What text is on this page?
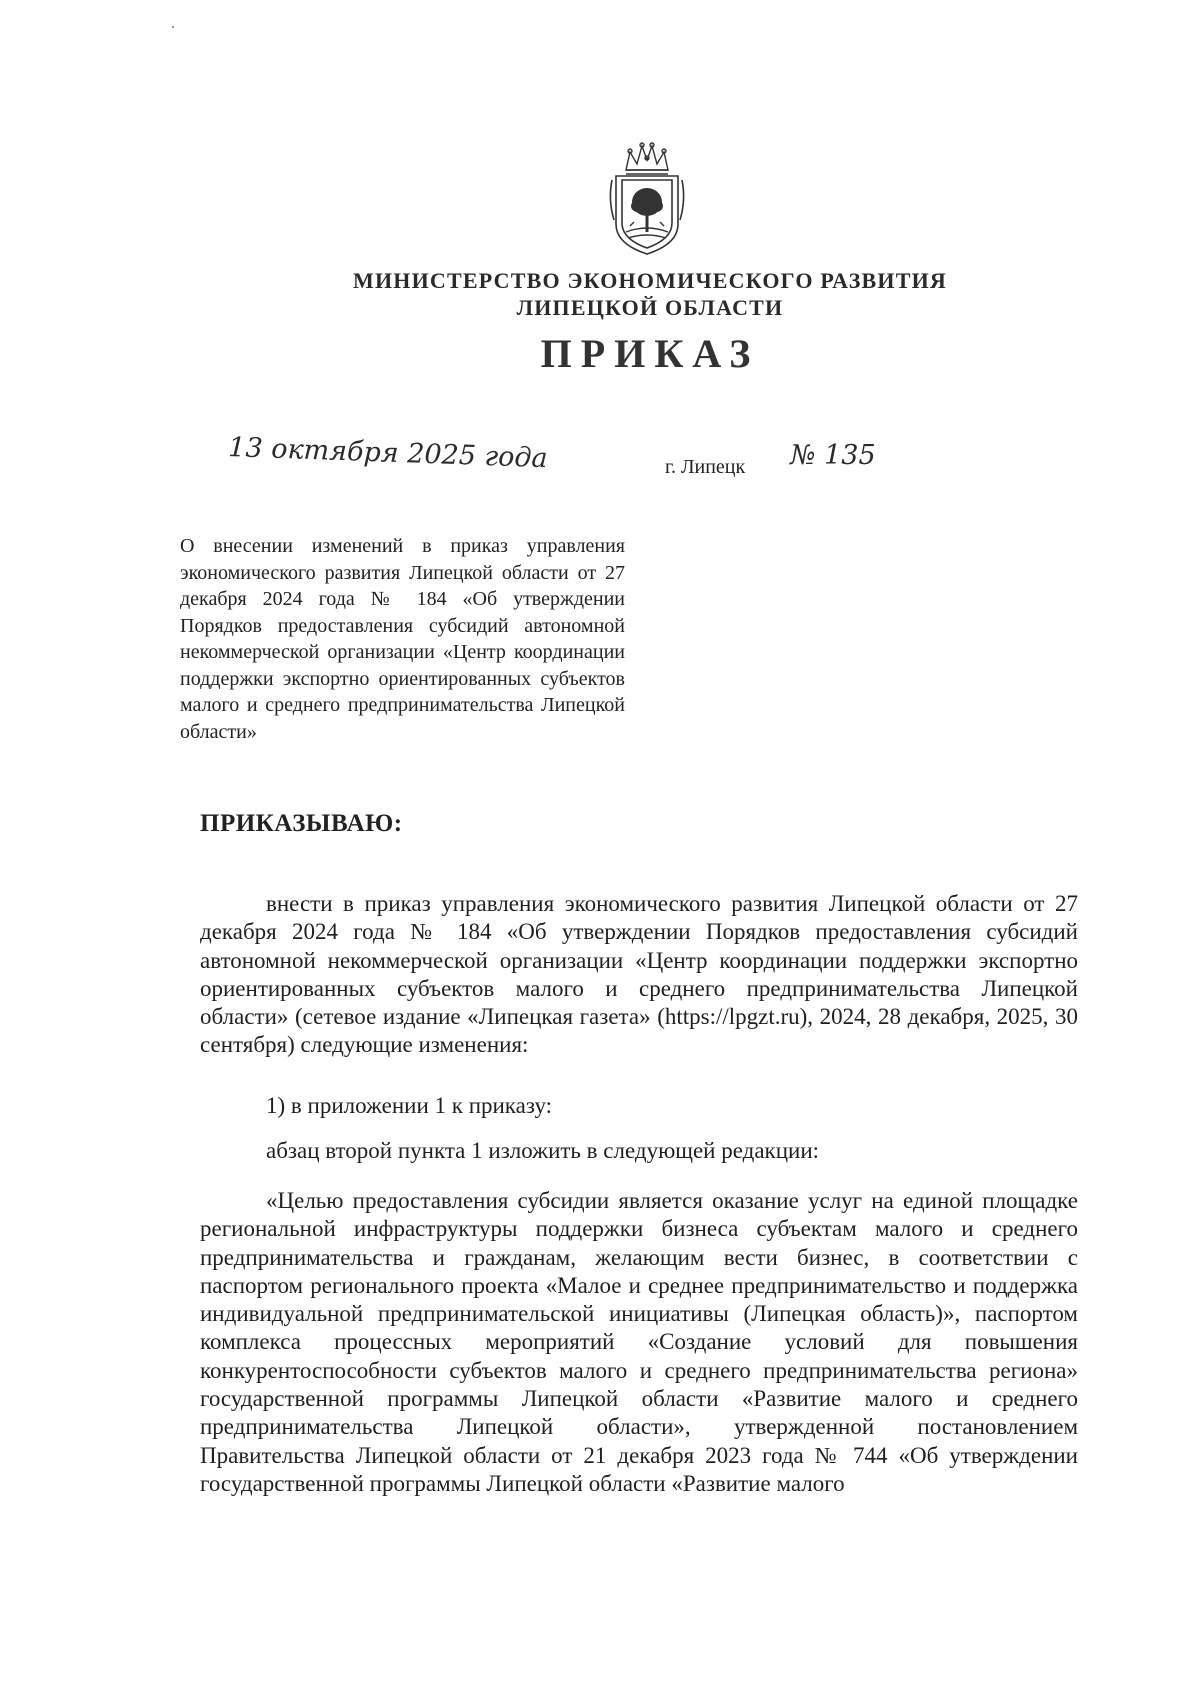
МИНИСТЕРСТВО ЭКОНОМИЧЕСКОГО РАЗВИТИЯ
ЛИПЕЦКОЙ ОБЛАСТИ
ПРИКАЗ
13 октября 2025 года	г. Липецк № 135
О внесении изменений в приказ управления экономического развития Липецкой области от 27 декабря 2024 года № 184 «Об утверждении Порядков предоставления субсидий автономной некоммерческой организации «Центр координации поддержки экспортно ориентированных субъектов малого и среднего предпринимательства Липецкой области»
ПРИКАЗЫВАЮ:
внести в приказ управления экономического развития Липецкой области от 27 декабря 2024 года № 184 «Об утверждении Порядков предоставления субсидий автономной некоммерческой организации «Центр координации поддержки экспортно ориентированных субъектов малого и среднего предпринимательства Липецкой области» (сетевое издание «Липецкая газета» (https://lpgzt.ru), 2024, 28 декабря, 2025, 30 сентября) следующие изменения:
1) в приложении 1 к приказу:
абзац второй пункта 1 изложить в следующей редакции:
«Целью предоставления субсидии является оказание услуг на единой площадке региональной инфраструктуры поддержки бизнеса субъектам малого и среднего предпринимательства и гражданам, желающим вести бизнес, в соответствии с паспортом регионального проекта «Малое и среднее предпринимательство и поддержка индивидуальной предпринимательской инициативы (Липецкая область)», паспортом комплекса процессных мероприятий «Создание условий для повышения конкурентоспособности субъектов малого и среднего предпринимательства региона» государственной программы Липецкой области «Развитие малого и среднего предпринимательства Липецкой области», утвержденной постановлением Правительства Липецкой области от 21 декабря 2023 года № 744 «Об утверждении государственной программы Липецкой области «Развитие малого
